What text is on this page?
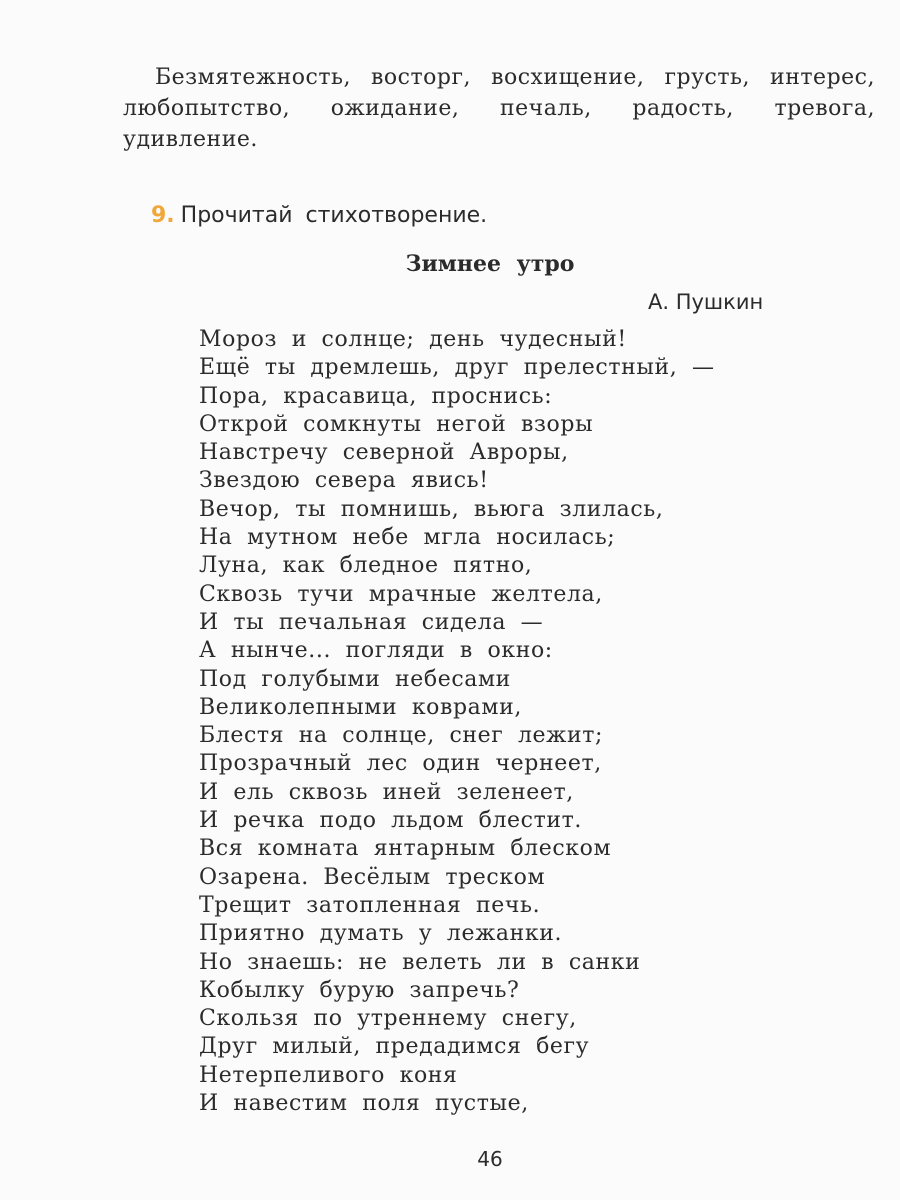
Безмятежность, восторг, восхищение, грусть, интерес, любопытство, ожидание, печаль, радость, тревога, удивление.

9. Прочитай стихотворение.

Зимнее утро

А. Пушкин

Мороз и солнце; день чудесный!
Ещё ты дремлешь, друг прелестный, —
Пора, красавица, проснись:
Открой сомкнуты негой взоры
Навстречу северной Авроры,
Звездою севера явись!
Вечор, ты помнишь, вьюга злилась,
На мутном небе мгла носилась;
Луна, как бледное пятно,
Сквозь тучи мрачные желтела,
И ты печальная сидела —
А нынче... погляди в окно:
Под голубыми небесами
Великолепными коврами,
Блестя на солнце, снег лежит;
Прозрачный лес один чернеет,
И ель сквозь иней зеленеет,
И речка подо льдом блестит.
Вся комната янтарным блеском
Озарена. Весёлым треском
Трещит затопленная печь.
Приятно думать у лежанки.
Но знаешь: не велеть ли в санки
Кобылку бурую запречь?
Скользя по утреннему снегу,
Друг милый, предадимся бегу
Нетерпеливого коня
И навестим поля пустые,

46
